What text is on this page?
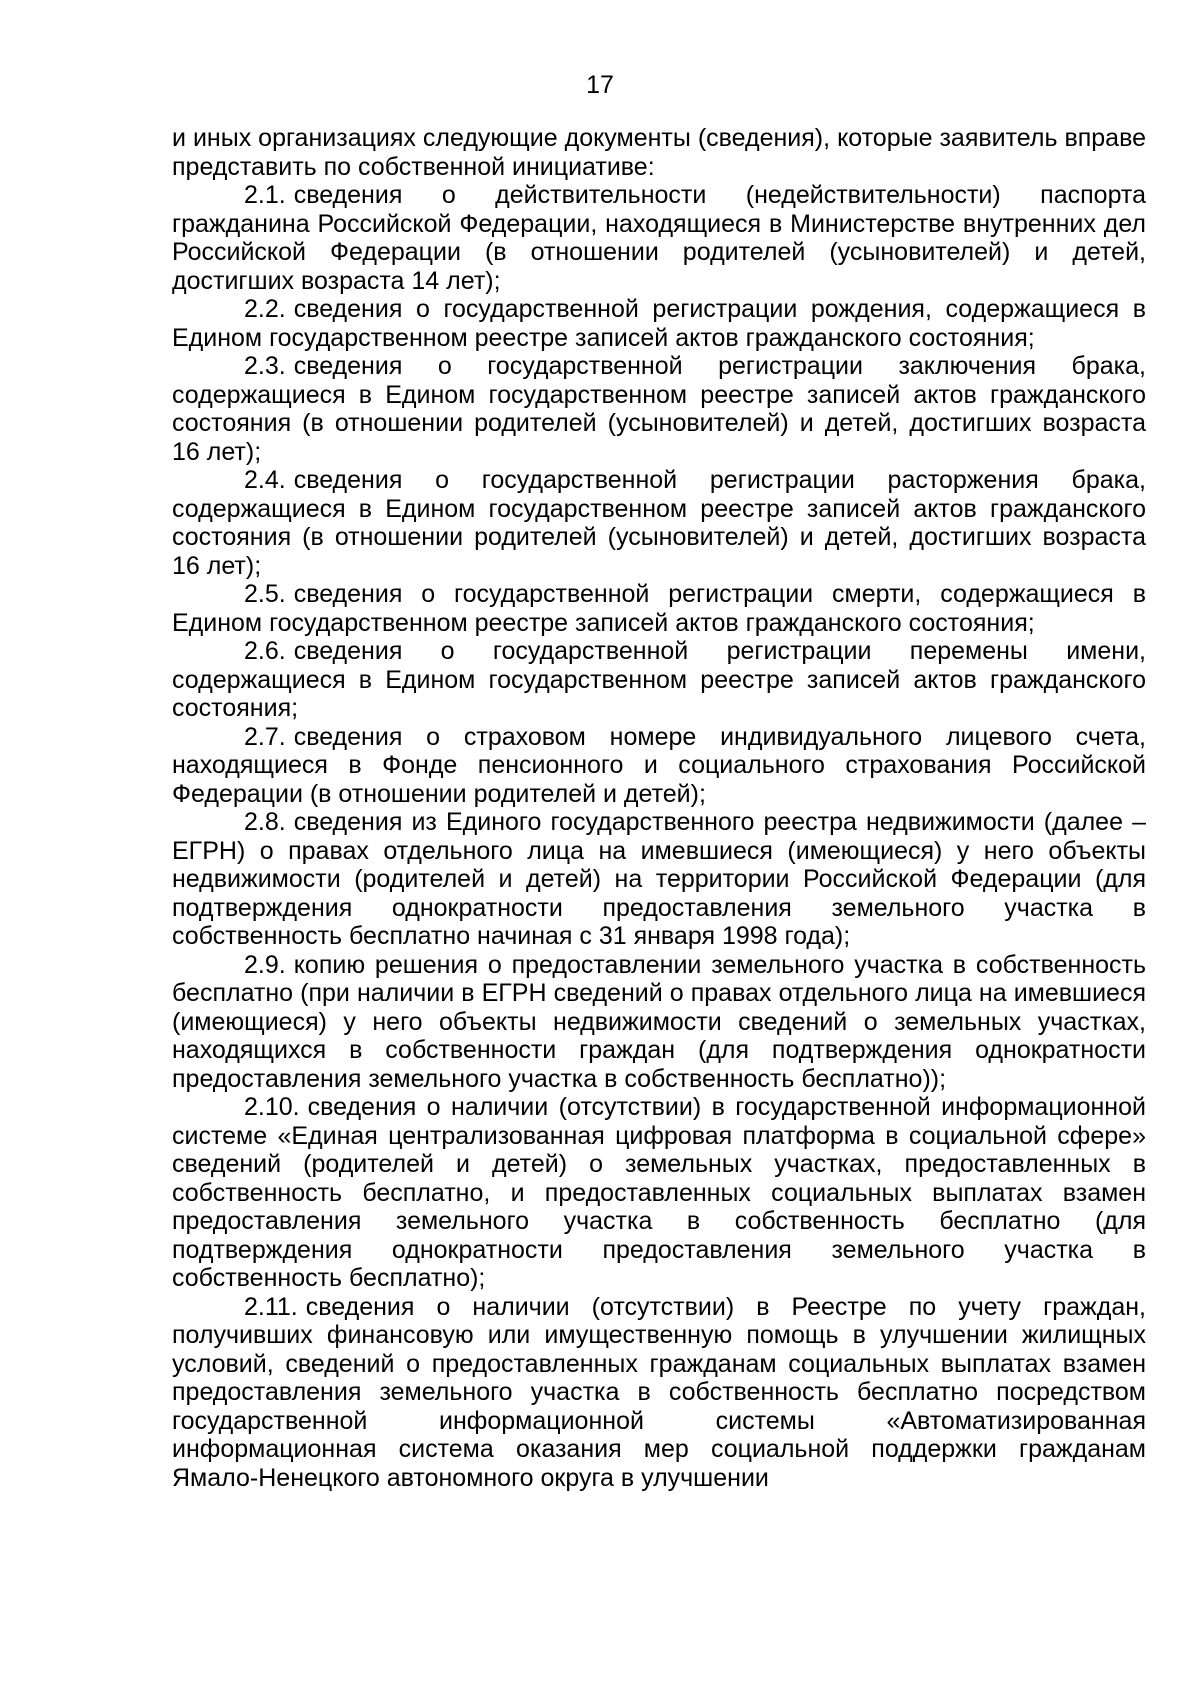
17

и иных организациях следующие документы (сведения), которые заявитель вправе представить по собственной инициативе:

2.1. сведения о действительности (недействительности) паспорта гражданина Российской Федерации, находящиеся в Министерстве внутренних дел Российской Федерации (в отношении родителей (усыновителей) и детей, достигших возраста 14 лет);

2.2. сведения о государственной регистрации рождения, содержащиеся в Едином государственном реестре записей актов гражданского состояния;

2.3. сведения о государственной регистрации заключения брака, содержащиеся в Едином государственном реестре записей актов гражданского состояния (в отношении родителей (усыновителей) и детей, достигших возраста 16 лет);

2.4. сведения о государственной регистрации расторжения брака, содержащиеся в Едином государственном реестре записей актов гражданского состояния (в отношении родителей (усыновителей) и детей, достигших возраста 16 лет);

2.5. сведения о государственной регистрации смерти, содержащиеся в Едином государственном реестре записей актов гражданского состояния;

2.6. сведения о государственной регистрации перемены имени, содержащиеся в Едином государственном реестре записей актов гражданского состояния;

2.7. сведения о страховом номере индивидуального лицевого счета, находящиеся в Фонде пенсионного и социального страхования Российской Федерации (в отношении родителей и детей);

2.8. сведения из Единого государственного реестра недвижимости (далее – ЕГРН) о правах отдельного лица на имевшиеся (имеющиеся) у него объекты недвижимости (родителей и детей) на территории Российской Федерации (для подтверждения однократности предоставления земельного участка в собственность бесплатно начиная с 31 января 1998 года);

2.9. копию решения о предоставлении земельного участка в собственность бесплатно (при наличии в ЕГРН сведений о правах отдельного лица на имевшиеся (имеющиеся) у него объекты недвижимости сведений о земельных участках, находящихся в собственности граждан (для подтверждения однократности предоставления земельного участка в собственность бесплатно));

2.10. сведения о наличии (отсутствии) в государственной информационной системе «Единая централизованная цифровая платформа в социальной сфере» сведений (родителей и детей) о земельных участках, предоставленных в собственность бесплатно, и предоставленных социальных выплатах взамен предоставления земельного участка в собственность бесплатно (для подтверждения однократности предоставления земельного участка в собственность бесплатно);

2.11. сведения о наличии (отсутствии) в Реестре по учету граждан, получивших финансовую или имущественную помощь в улучшении жилищных условий, сведений о предоставленных гражданам социальных выплатах взамен предоставления земельного участка в собственность бесплатно посредством государственной информационной системы «Автоматизированная информационная система оказания мер социальной поддержки гражданам Ямало-Ненецкого автономного округа в улучшении
